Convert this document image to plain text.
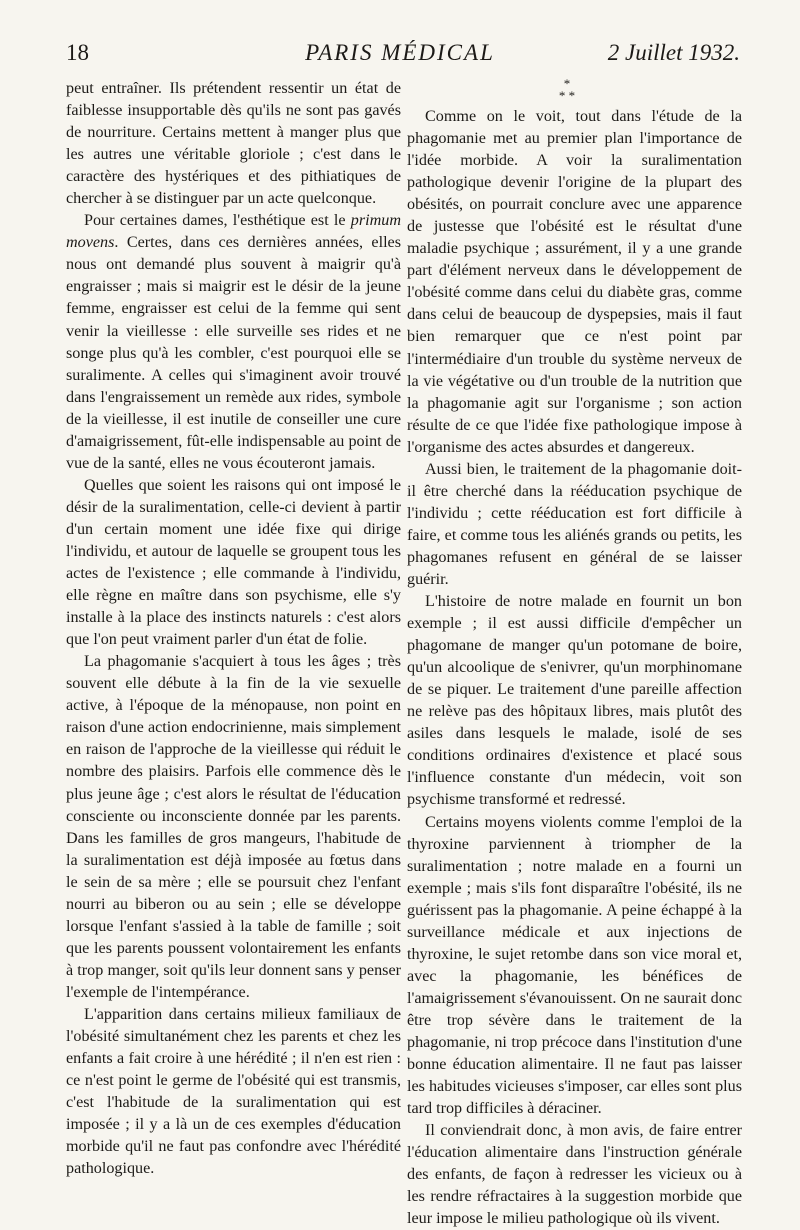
PARIS MÉDICAL
18	2 Juillet 1932.

peut entraîner. Ils prétendent ressentir un état de faiblesse insupportable dès qu'ils ne sont pas gavés de nourriture. Certains mettent à manger plus que les autres une véritable gloriole ; c'est dans le caractère des hystériques et des pithiatiques de chercher à se distinguer par un acte quelconque.

Pour certaines dames, l'esthétique est le primum movens. Certes, dans ces dernières années, elles nous ont demandé plus souvent à maigrir qu'à engraisser ; mais si maigrir est le désir de la jeune femme, engraisser est celui de la femme qui sent venir la vieillesse : elle surveille ses rides et ne songe plus qu'à les combler, c'est pourquoi elle se suralimente. A celles qui s'imaginent avoir trouvé dans l'engraissement un remède aux rides, symbole de la vieillesse, il est inutile de conseiller une cure d'amaigrissement, fût-elle indispensable au point de vue de la santé, elles ne vous écouteront jamais.

Quelles que soient les raisons qui ont imposé le désir de la suralimentation, celle-ci devient à partir d'un certain moment une idée fixe qui dirige l'individu, et autour de laquelle se groupent tous les actes de l'existence ; elle commande à l'individu, elle règne en maître dans son psychisme, elle s'y installe à la place des instincts naturels : c'est alors que l'on peut vraiment parler d'un état de folie.

La phagomanie s'acquiert à tous les âges ; très souvent elle débute à la fin de la vie sexuelle active, à l'époque de la ménopause, non point en raison d'une action endocrinienne, mais simplement en raison de l'approche de la vieillesse qui réduit le nombre des plaisirs. Parfois elle commence dès le plus jeune âge ; c'est alors le résultat de l'éducation consciente ou inconsciente donnée par les parents. Dans les familles de gros mangeurs, l'habitude de la suralimentation est déjà imposée au fœtus dans le sein de sa mère ; elle se poursuit chez l'enfant nourri au biberon ou au sein ; elle se développe lorsque l'enfant s'assied à la table de famille ; soit que les parents poussent volontairement les enfants à trop manger, soit qu'ils leur donnent sans y penser l'exemple de l'intempérance.

L'apparition dans certains milieux familiaux de l'obésité simultanément chez les parents et chez les enfants a fait croire à une hérédité ; il n'en est rien : ce n'est point le germe de l'obésité qui est transmis, c'est l'habitude de la suralimentation qui est imposée ; il y a là un de ces exemples d'éducation morbide qu'il ne faut pas confondre avec l'hérédité pathologique.

*
* *

Comme on le voit, tout dans l'étude de la phagomanie met au premier plan l'importance de l'idée morbide. A voir la suralimentation pathologique devenir l'origine de la plupart des obésités, on pourrait conclure avec une apparence de justesse que l'obésité est le résultat d'une maladie psychique ; assurément, il y a une grande part d'élément nerveux dans le développement de l'obésité comme dans celui du diabète gras, comme dans celui de beaucoup de dyspepsies, mais il faut bien remarquer que ce n'est point par l'intermédiaire d'un trouble du système nerveux de la vie végétative ou d'un trouble de la nutrition que la phagomanie agit sur l'organisme ; son action résulte de ce que l'idée fixe pathologique impose à l'organisme des actes absurdes et dangereux.

Aussi bien, le traitement de la phagomanie doit-il être cherché dans la rééducation psychique de l'individu ; cette rééducation est fort difficile à faire, et comme tous les aliénés grands ou petits, les phagomanes refusent en général de se laisser guérir.

L'histoire de notre malade en fournit un bon exemple ; il est aussi difficile d'empêcher un phagomane de manger qu'un potomane de boire, qu'un alcoolique de s'enivrer, qu'un morphinomane de se piquer. Le traitement d'une pareille affection ne relève pas des hôpitaux libres, mais plutôt des asiles dans lesquels le malade, isolé de ses conditions ordinaires d'existence et placé sous l'influence constante d'un médecin, voit son psychisme transformé et redressé.

Certains moyens violents comme l'emploi de la thyroxine parviennent à triompher de la suralimentation ; notre malade en a fourni un exemple ; mais s'ils font disparaître l'obésité, ils ne guérissent pas la phagomanie. A peine échappé à la surveillance médicale et aux injections de thyroxine, le sujet retombe dans son vice moral et, avec la phagomanie, les bénéfices de l'amaigrissement s'évanouissent. On ne saurait donc être trop sévère dans le traitement de la phagomanie, ni trop précoce dans l'institution d'une bonne éducation alimentaire. Il ne faut pas laisser les habitudes vicieuses s'imposer, car elles sont plus tard trop difficiles à déraciner.

Il conviendrait donc, à mon avis, de faire entrer l'éducation alimentaire dans l'instruction générale des enfants, de façon à redresser les vicieux ou à les rendre réfractaires à la suggestion morbide que leur impose le milieu pathologique où ils vivent.
